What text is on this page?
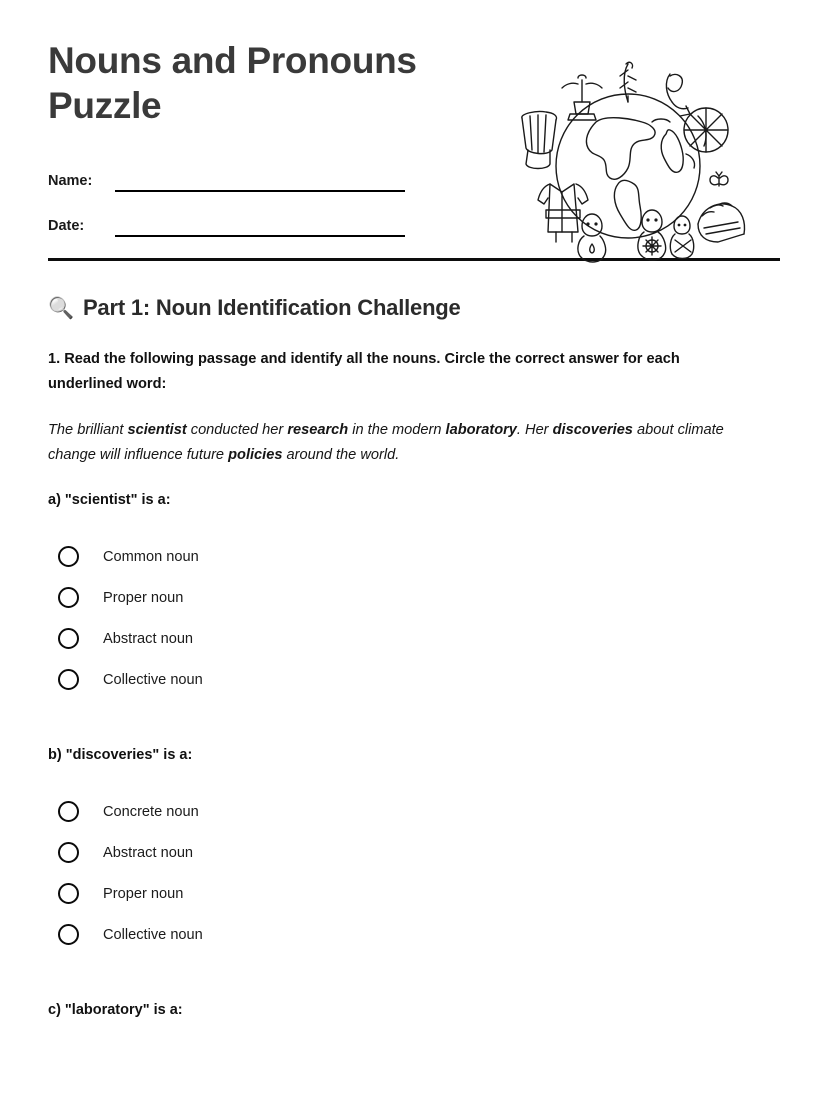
Nouns and Pronouns Puzzle
Name:
Date:
🔍 Part 1: Noun Identification Challenge

1. Read the following passage and identify all the nouns. Circle the correct answer for each underlined word:

The brilliant scientist conducted her research in the modern laboratory. Her discoveries about climate change will influence future policies around the world.

a) "scientist" is a:
Common noun
Proper noun
Abstract noun
Collective noun
b) "discoveries" is a:
Concrete noun
Abstract noun
Proper noun
Collective noun
c) "laboratory" is a:
